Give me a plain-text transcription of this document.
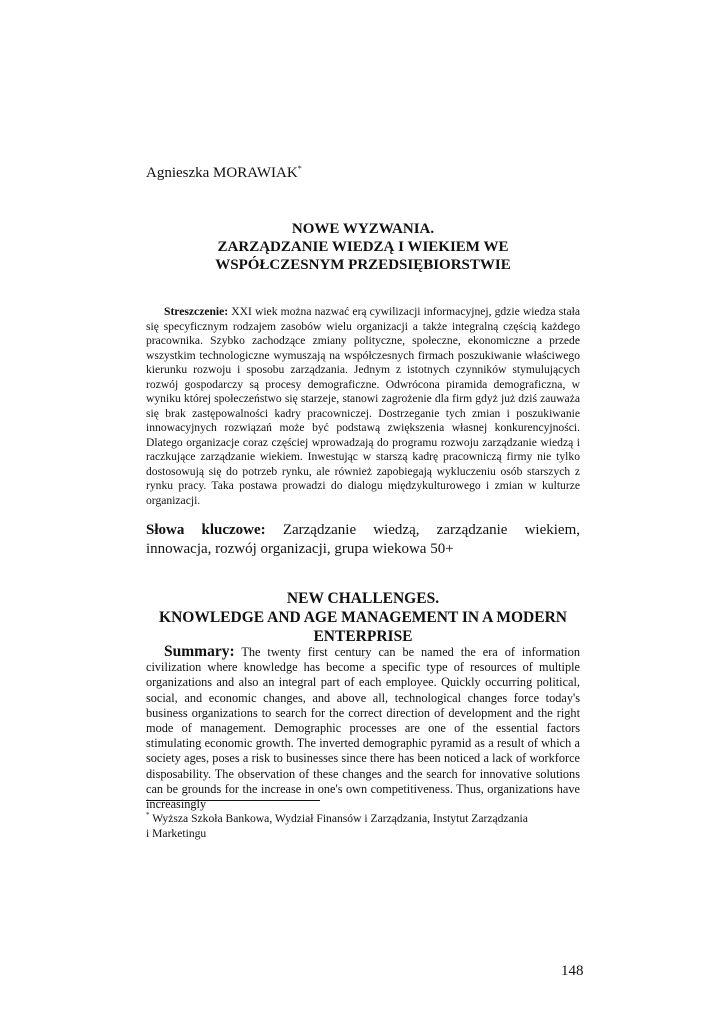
Agnieszka MORAWIAK*
NOWE WYZWANIA.
ZARZĄDZANIE WIEDZĄ I WIEKIEM WE
WSPÓŁCZESNYM PRZEDSIĘBIORSTWIE

Streszczenie: XXI wiek można nazwać erą cywilizacji informacyjnej, gdzie wiedza stała się specyficznym rodzajem zasobów wielu organizacji a także integralną częścią każdego pracownika. Szybko zachodzące zmiany polityczne, społeczne, ekonomiczne a przede wszystkim technologiczne wymuszają na współczesnych firmach poszukiwanie właściwego kierunku rozwoju i sposobu zarządzania. Jednym z istotnych czynników stymulujących rozwój gospodarczy są procesy demograficzne. Odwrócona piramida demograficzna, w wyniku której społeczeństwo się starzeje, stanowi zagrożenie dla firm gdyż już dziś zauważa się brak zastępowalności kadry pracowniczej. Dostrzeganie tych zmian i poszukiwanie innowacyjnych rozwiązań może być podstawą zwiększenia własnej konkurencyjności. Dlatego organizacje coraz częściej wprowadzają do programu rozwoju zarządzanie wiedzą i raczkujące zarządzanie wiekiem. Inwestując w starszą kadrę pracowniczą firmy nie tylko dostosowują się do potrzeb rynku, ale również zapobiegają wykluczeniu osób starszych z rynku pracy. Taka postawa prowadzi do dialogu międzykulturowego i zmian w kulturze organizacji.

Słowa kluczowe: Zarządzanie wiedzą, zarządzanie wiekiem, innowacja, rozwój organizacji, grupa wiekowa 50+

NEW CHALLENGES.
KNOWLEDGE AND AGE MANAGEMENT IN A MODERN
ENTERPRISE

Summary: The twenty first century can be named the era of information civilization where knowledge has become a specific type of resources of multiple organizations and also an integral part of each employee. Quickly occurring political, social, and economic changes, and above all, technological changes force today's business organizations to search for the correct direction of development and the right mode of management. Demographic processes are one of the essential factors stimulating economic growth. The inverted demographic pyramid as a result of which a society ages, poses a risk to businesses since there has been noticed a lack of workforce disposability. The observation of these changes and the search for innovative solutions can be grounds for the increase in one's own competitiveness. Thus, organizations have increasingly

* Wyższa Szkoła Bankowa, Wydział Finansów i Zarządzania, Instytut Zarządzania

i Marketingu

148
